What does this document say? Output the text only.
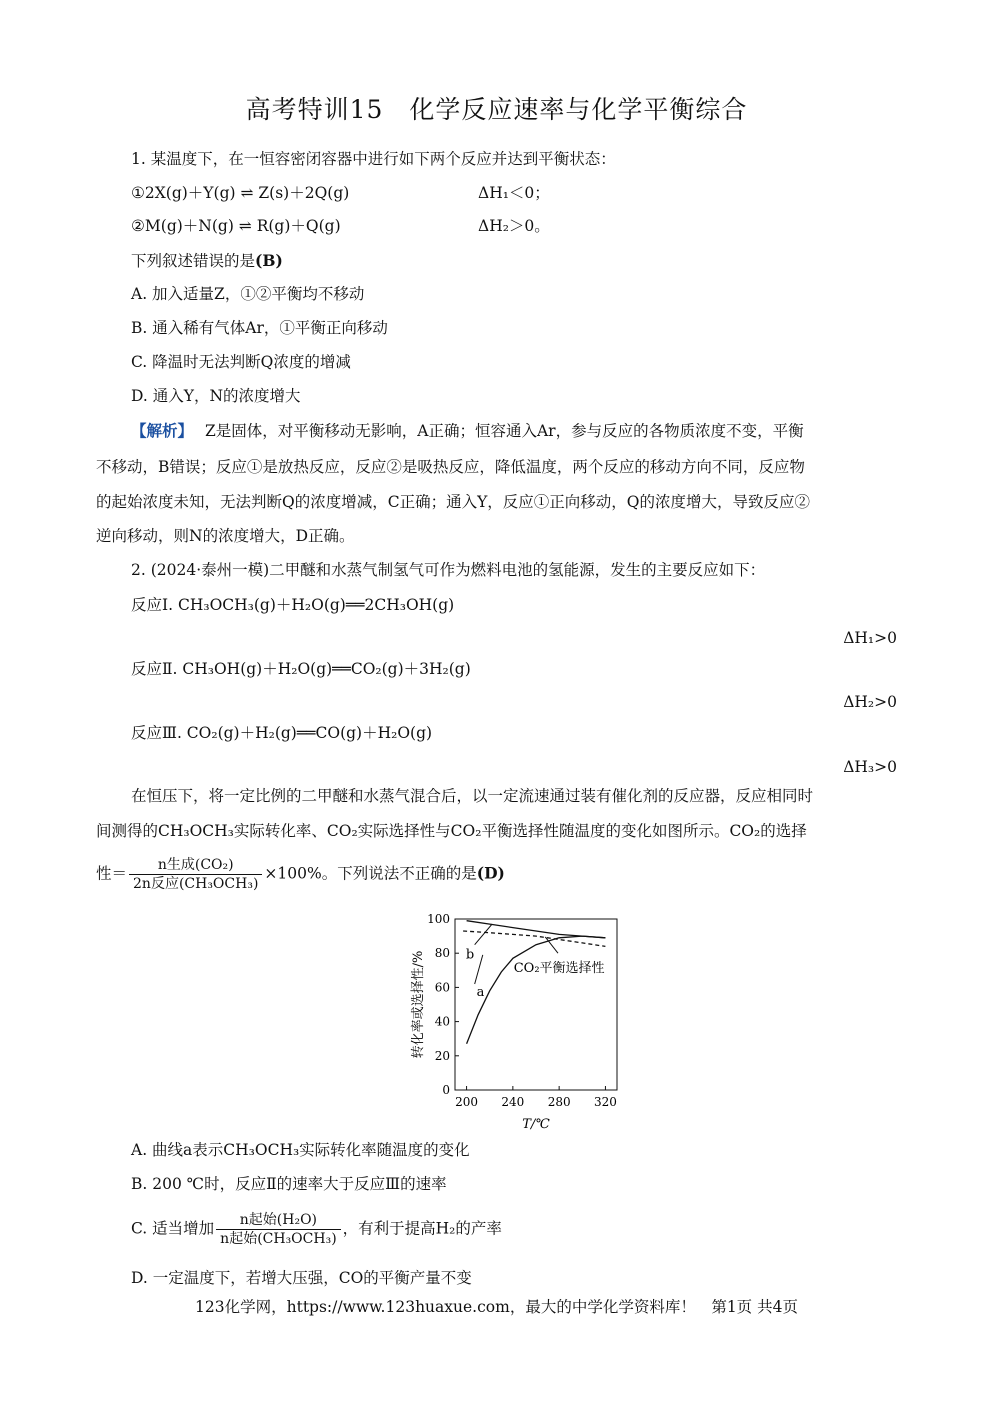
高考特训15　化学反应速率与化学平衡综合
1. 某温度下，在一恒容密闭容器中进行如下两个反应并达到平衡状态：
①2X(g)＋Y(g) ⇌ Z(s)＋2Q(g)	ΔH₁＜0；
②M(g)＋N(g) ⇌ R(g)＋Q(g)	ΔH₂＞0。
下列叙述错误的是(B)
A. 加入适量Z，①②平衡均不移动
B. 通入稀有气体Ar，①平衡正向移动
C. 降温时无法判断Q浓度的增减
D. 通入Y，N的浓度增大
【解析】 Z是固体，对平衡移动无影响，A正确；恒容通入Ar，参与反应的各物质浓度不变，平衡
不移动，B错误；反应①是放热反应，反应②是吸热反应，降低温度，两个反应的移动方向不同，反应物
的起始浓度未知，无法判断Q的浓度增减，C正确；通入Y，反应①正向移动，Q的浓度增大，导致反应②
逆向移动，则N的浓度增大，D正确。
2. (2024·泰州一模)二甲醚和水蒸气制氢气可作为燃料电池的氢能源，发生的主要反应如下：
反应Ⅰ. CH₃OCH₃(g)＋H₂O(g)══2CH₃OH(g)
ΔH₁>0
反应Ⅱ. CH₃OH(g)＋H₂O(g)══CO₂(g)＋3H₂(g)
ΔH₂>0
反应Ⅲ. CO₂(g)＋H₂(g)══CO(g)＋H₂O(g)
ΔH₃>0
在恒压下，将一定比例的二甲醚和水蒸气混合后，以一定流速通过装有催化剂的反应器，反应相同时
间测得的CH₃OCH₃实际转化率、CO₂实际选择性与CO₂平衡选择性随温度的变化如图所示。CO₂的选择
性＝ $\frac{\text{n生成(CO₂)}}{\text{2n反应(CH₃OCH₃)}} \times 100\%$。下列说法不正确的是(D)
0
20
40
60
80
100
200 240 280 320
T/℃
转化率或选择性/%	a
b
CO₂平衡选择性
A. 曲线a表示CH₃OCH₃实际转化率随温度的变化
B. 200 ℃时，反应Ⅱ的速率大于反应Ⅲ的速率
C. 适当增加 $\frac{\text{n起始(H₂O)}}{\text{n起始(CH₃OCH₃)}}$ ，有利于提高H₂的产率
D. 一定温度下，若增大压强，CO的平衡产量不变
123化学网，https://www.123huaxue.com，最大的中学化学资料库！　第1页 共4页
